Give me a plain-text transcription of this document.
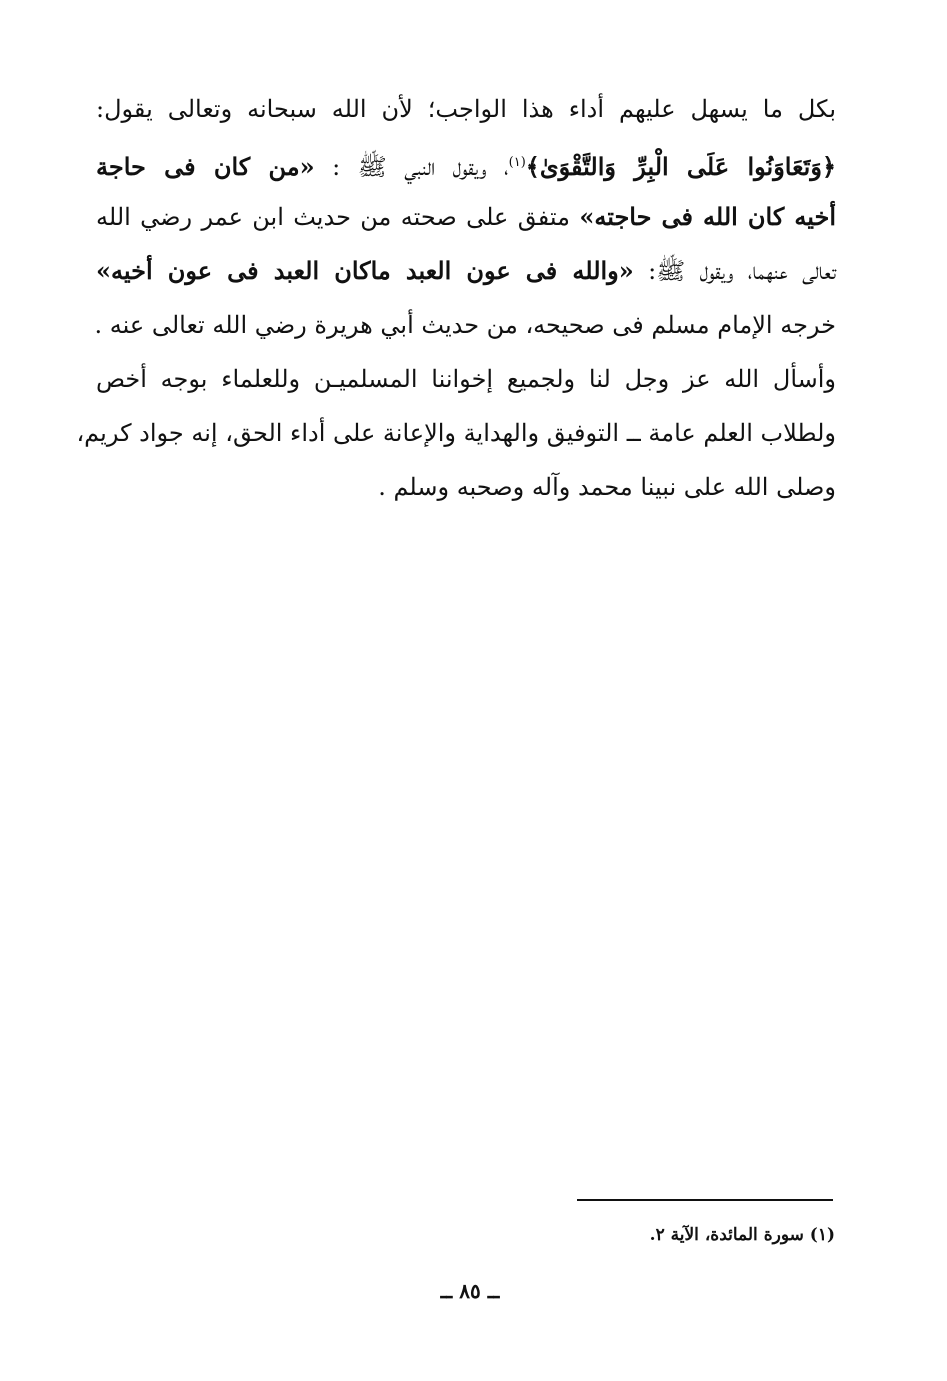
بكل ما يسهل عليهم أداء هذا الواجب؛ لأن الله سبحانه وتعالى يقول:
﴿وَتَعَاوَنُوا عَلَى الْبِرِّ وَالتَّقْوَىٰ﴾$^{(١)}$، ويقول النبي ﷺ : «من كان فى حاجة
أخيه كان الله فى حاجته» متفق على صحته من حديث ابن عمر رضي الله
تعالى عنهما، ويقول ﷺ: «والله فى عون العبد ماكان العبد فى عون أخيه»
خرجه الإمام مسلم فى صحيحه، من حديث أبي هريرة رضي الله تعالى عنه .
وأسأل الله عز وجل لنا ولجميع إخواننا المسلميـن وللعلماء بوجه أخص
ولطلاب العلم عامة ــ التوفيق والهداية والإعانة على أداء الحق، إنه جواد كريم،
وصلى الله على نبينا محمد وآله وصحبه وسلم .
(١) سورة المائدة، الآية ٢.
ــ ٨٥ ــ
